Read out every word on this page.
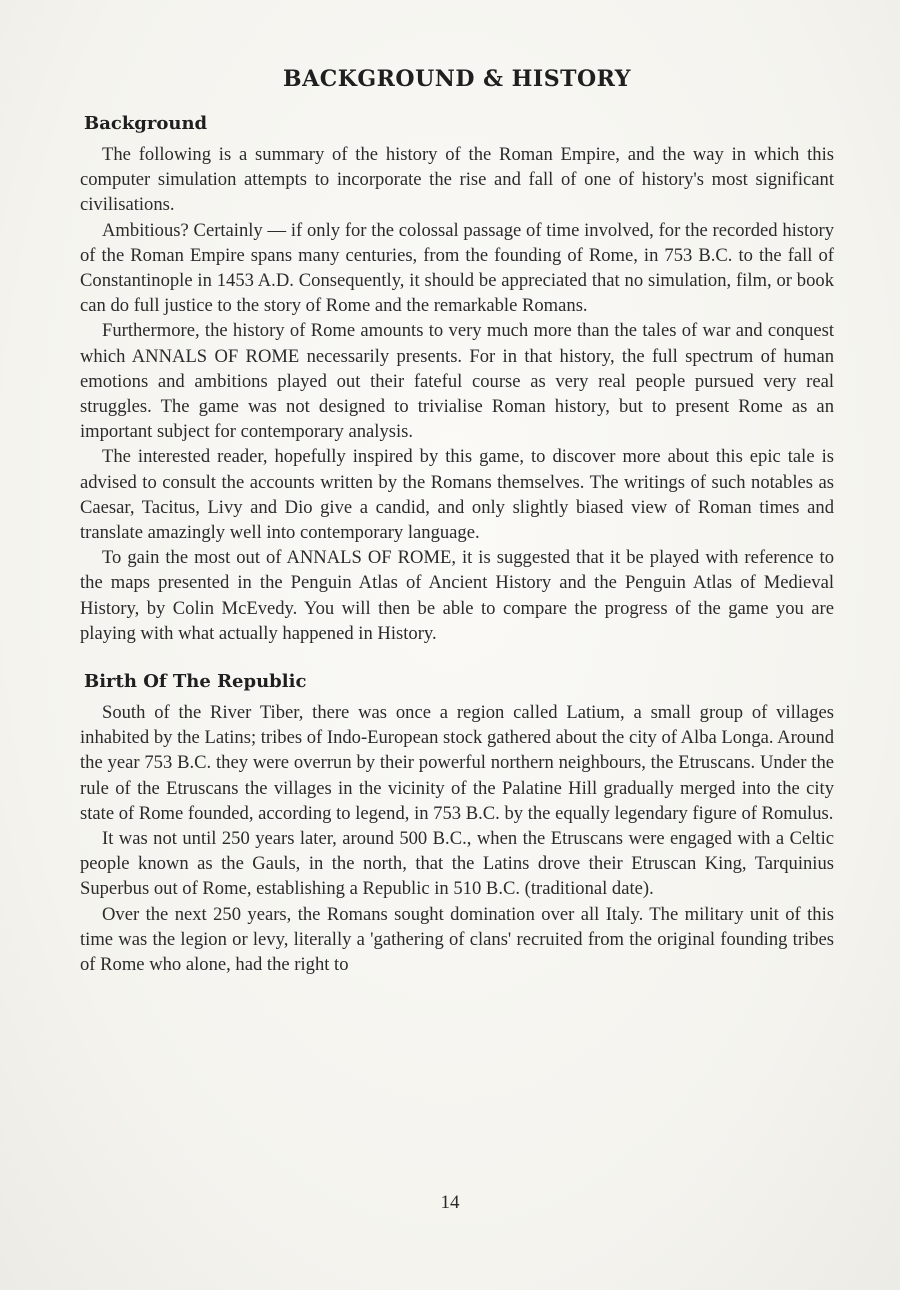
BACKGROUND & HISTORY
Background

The following is a summary of the history of the Roman Empire, and the way in which this computer simulation attempts to incorporate the rise and fall of one of history's most significant civilisations.

Ambitious? Certainly — if only for the colossal passage of time involved, for the recorded history of the Roman Empire spans many centuries, from the founding of Rome, in 753 B.C. to the fall of Constantinople in 1453 A.D. Consequently, it should be appreciated that no simulation, film, or book can do full justice to the story of Rome and the remarkable Romans.

Furthermore, the history of Rome amounts to very much more than the tales of war and conquest which ANNALS OF ROME necessarily presents. For in that history, the full spectrum of human emotions and ambitions played out their fateful course as very real people pursued very real struggles. The game was not designed to trivialise Roman history, but to present Rome as an important subject for contemporary analysis.

The interested reader, hopefully inspired by this game, to discover more about this epic tale is advised to consult the accounts written by the Romans themselves. The writings of such notables as Caesar, Tacitus, Livy and Dio give a candid, and only slightly biased view of Roman times and translate amazingly well into contemporary language.

To gain the most out of ANNALS OF ROME, it is suggested that it be played with reference to the maps presented in the Penguin Atlas of Ancient History and the Penguin Atlas of Medieval History, by Colin McEvedy. You will then be able to compare the progress of the game you are playing with what actually happened in History.

Birth Of The Republic

South of the River Tiber, there was once a region called Latium, a small group of villages inhabited by the Latins; tribes of Indo-European stock gathered about the city of Alba Longa. Around the year 753 B.C. they were overrun by their powerful northern neighbours, the Etruscans. Under the rule of the Etruscans the villages in the vicinity of the Palatine Hill gradually merged into the city state of Rome founded, according to legend, in 753 B.C. by the equally legendary figure of Romulus.

It was not until 250 years later, around 500 B.C., when the Etruscans were engaged with a Celtic people known as the Gauls, in the north, that the Latins drove their Etruscan King, Tarquinius Superbus out of Rome, establishing a Republic in 510 B.C. (traditional date).

Over the next 250 years, the Romans sought domination over all Italy. The military unit of this time was the legion or levy, literally a 'gathering of clans' recruited from the original founding tribes of Rome who alone, had the right to

14
